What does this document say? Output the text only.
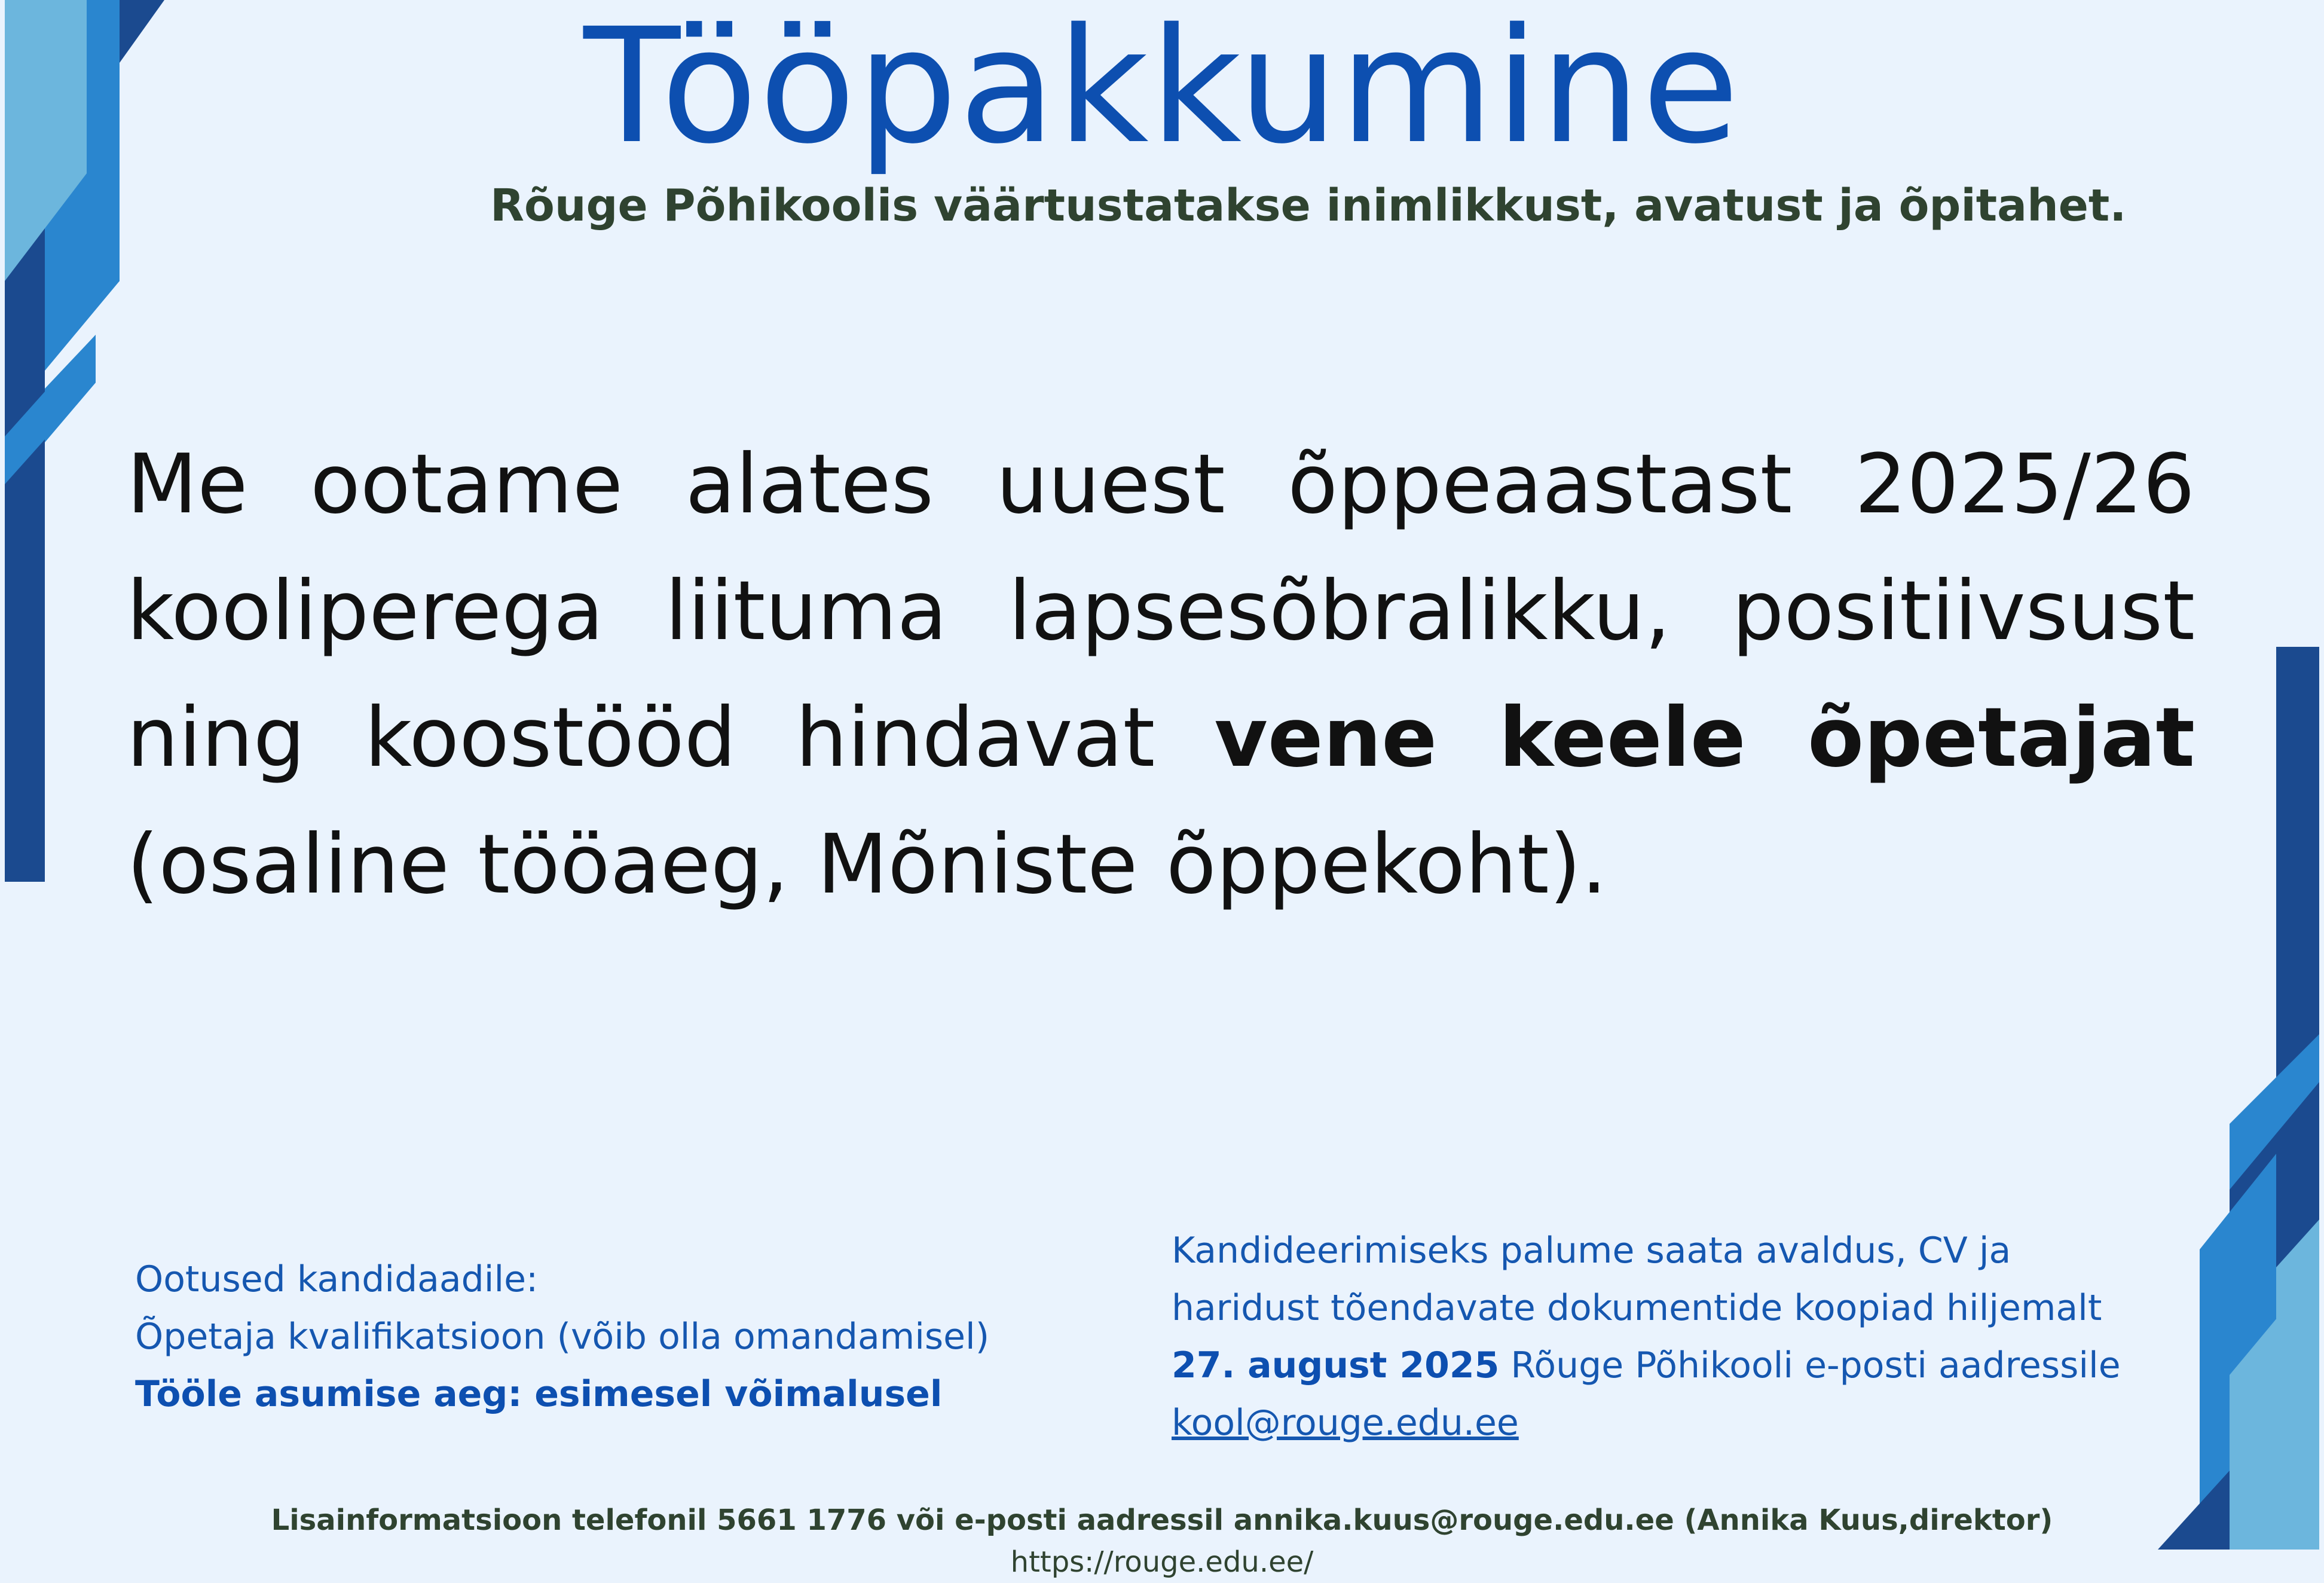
Tööpakkumine
Rõuge Põhikoolis väärtustatakse inimlikkust, avatust ja õpitahet.
Me ootame alates uuest õppeaastast 2025/26 kooliperega liituma lapsesõbralikku, positiivsust ning koostööd hindavat vene keele õpetajat (osaline tööaeg, Mõniste õppekoht).
Ootused kandidaadile:
Õpetaja kvalifikatsioon (võib olla omandamisel)
Tööle asumise aeg: esimesel võimalusel
Kandideerimiseks palume saata avaldus, CV ja
haridust tõendavate dokumentide koopiad hiljemalt
27. august 2025 Rõuge Põhikooli e-posti aadressile
kool@rouge.edu.ee
Lisainformatsioon telefonil 5661 1776 või e-posti aadressil annika.kuus@rouge.edu.ee (Annika Kuus,direktor)
https://rouge.edu.ee/
